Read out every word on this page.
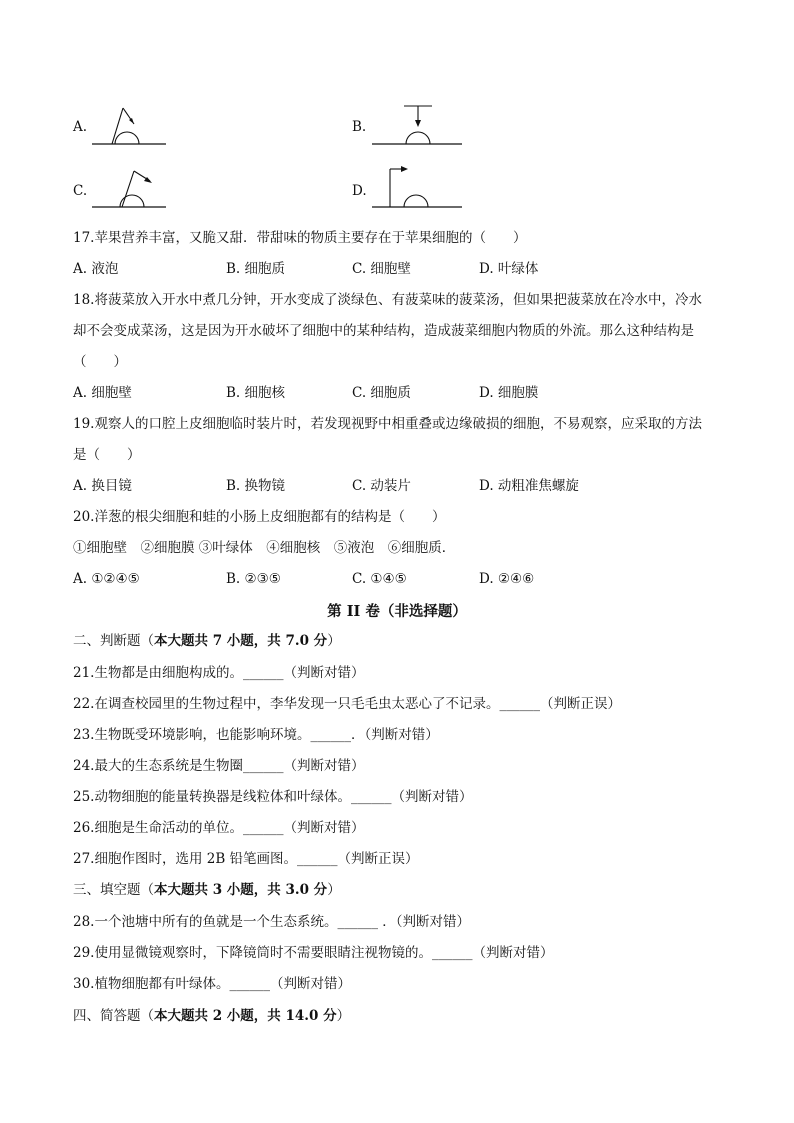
A.	B.
C.	D.
17.苹果营养丰富，又脆又甜．带甜味的物质主要存在于苹果细胞的（　　）
A. 液泡	B. 细胞质	C. 细胞壁	D. 叶绿体
18.将菠菜放入开水中煮几分钟，开水变成了淡绿色、有菠菜味的菠菜汤，但如果把菠菜放在冷水中，冷水
却不会变成菜汤，这是因为开水破坏了细胞中的某种结构，造成菠菜细胞内物质的外流。那么这种结构是
（　　）
A. 细胞壁	B. 细胞核	C. 细胞质	D. 细胞膜
19.观察人的口腔上皮细胞临时装片时，若发现视野中相重叠或边缘破损的细胞，不易观察，应采取的方法
是（　　）
A. 换目镜	B. 换物镜	C. 动装片	D. 动粗准焦螺旋
20.洋葱的根尖细胞和蛙的小肠上皮细胞都有的结构是（　　）
①细胞壁　②细胞膜 ③叶绿体　④细胞核　⑤液泡　⑥细胞质．
A. ①②④⑤	B. ②③⑤	C. ①④⑤	D. ②④⑥
第 II 卷（非选择题）
二、判断题（本大题共 7 小题，共 7.0 分）
21.生物都是由细胞构成的。______（判断对错）
22.在调查校园里的生物过程中，李华发现一只毛毛虫太恶心了不记录。______（判断正误）
23.生物既受环境影响，也能影响环境。______．（判断对错）
24.最大的生态系统是生物圈______（判断对错）
25.动物细胞的能量转换器是线粒体和叶绿体。______（判断对错）
26.细胞是生命活动的单位。______（判断对错）
27.细胞作图时，选用 2B 铅笔画图。______（判断正误）
三、填空题（本大题共 3 小题，共 3.0 分）
28.一个池塘中所有的鱼就是一个生态系统。______ ．（判断对错）
29.使用显微镜观察时，下降镜筒时不需要眼睛注视物镜的。______（判断对错）
30.植物细胞都有叶绿体。______（判断对错）
四、简答题（本大题共 2 小题，共 14.0 分）
